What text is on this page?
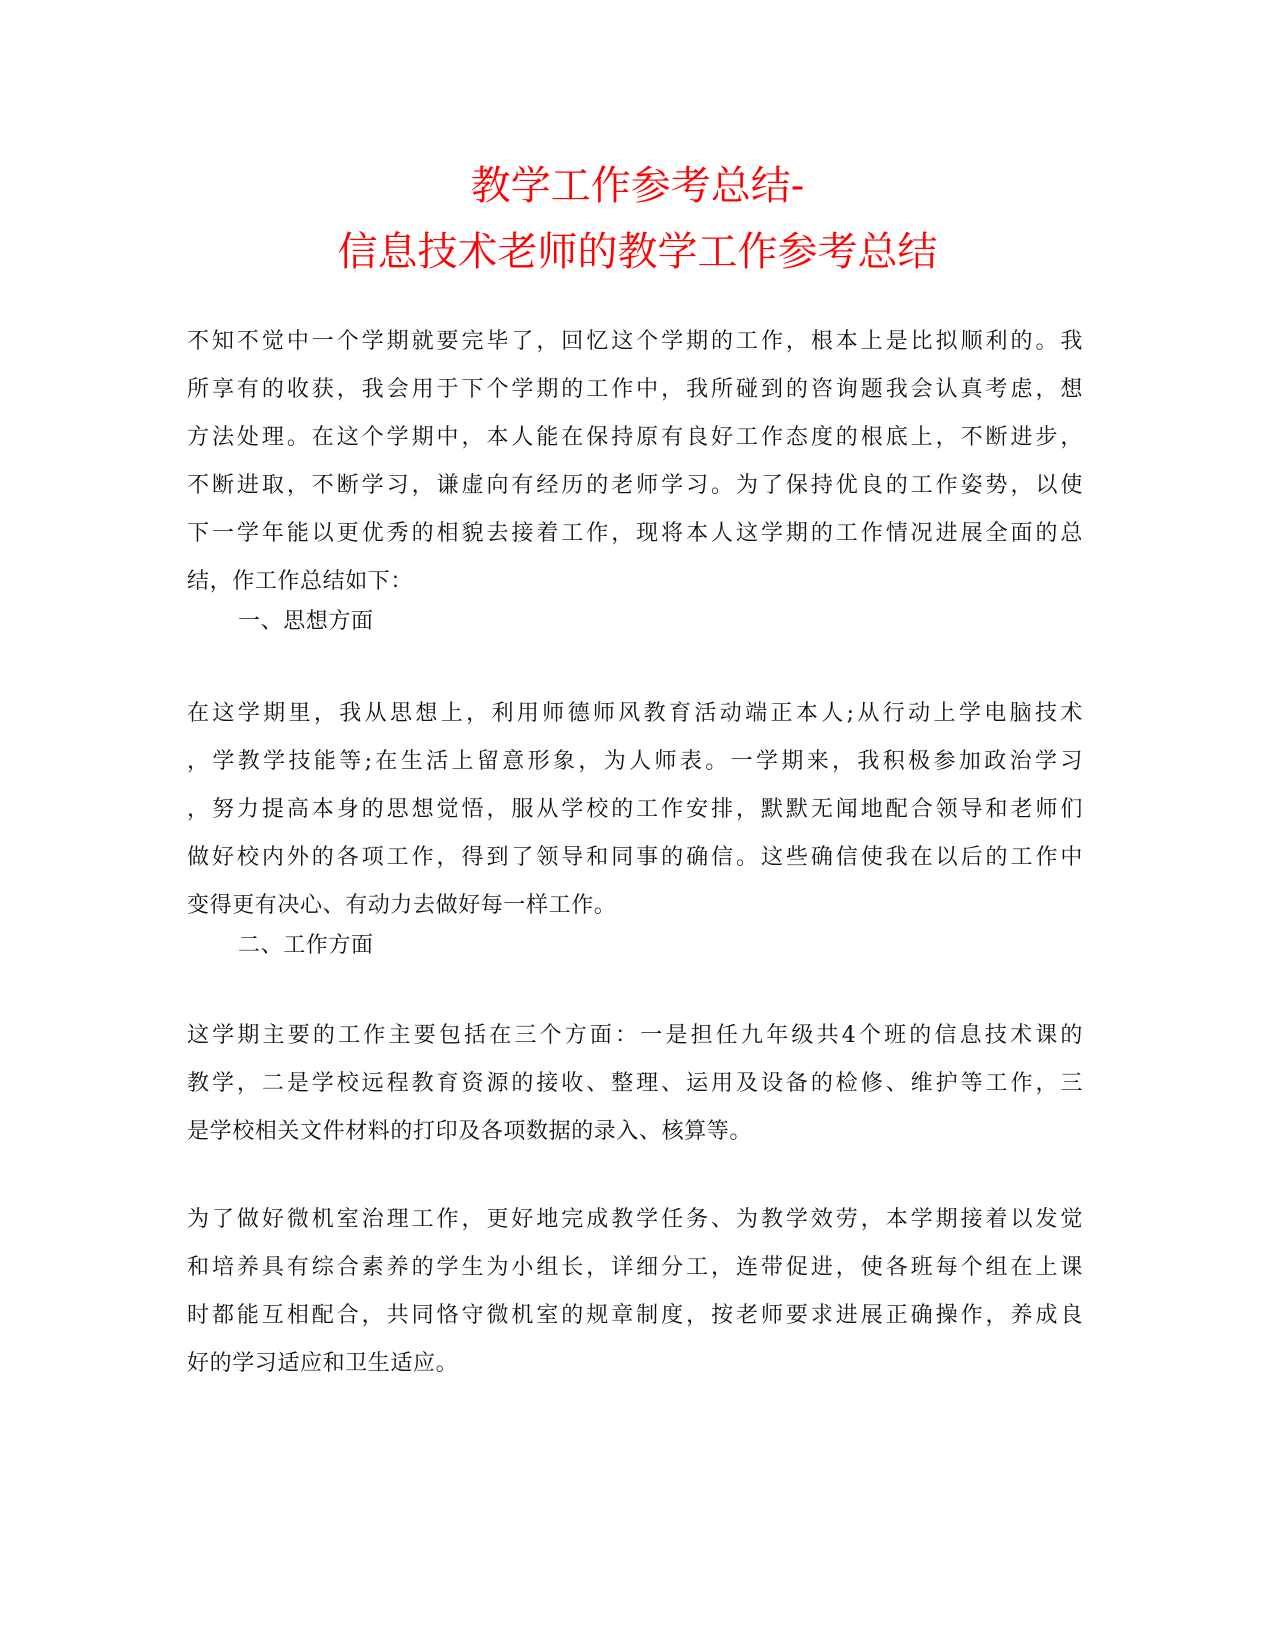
教学工作参考总结-
信息技术老师的教学工作参考总结
不知不觉中一个学期就要完毕了，回忆这个学期的工作，根本上是比拟顺利的。我
所享有的收获，我会用于下个学期的工作中，我所碰到的咨询题我会认真考虑，想
方法处理。在这个学期中，本人能在保持原有良好工作态度的根底上，不断进步，
不断进取，不断学习，谦虚向有经历的老师学习。为了保持优良的工作姿势，以使
下一学年能以更优秀的相貌去接着工作，现将本人这学期的工作情况进展全面的总
结，作工作总结如下：
一、思想方面
在这学期里，我从思想上，利用师德师风教育活动端正本人;从行动上学电脑技术
，学教学技能等;在生活上留意形象，为人师表。一学期来，我积极参加政治学习
，努力提高本身的思想觉悟，服从学校的工作安排，默默无闻地配合领导和老师们
做好校内外的各项工作，得到了领导和同事的确信。这些确信使我在以后的工作中
变得更有决心、有动力去做好每一样工作。
二、工作方面
这学期主要的工作主要包括在三个方面：一是担任九年级共4个班的信息技术课的
教学，二是学校远程教育资源的接收、整理、运用及设备的检修、维护等工作，三
是学校相关文件材料的打印及各项数据的录入、核算等。
为了做好微机室治理工作，更好地完成教学任务、为教学效劳，本学期接着以发觉
和培养具有综合素养的学生为小组长，详细分工，连带促进，使各班每个组在上课
时都能互相配合，共同恪守微机室的规章制度，按老师要求进展正确操作，养成良
好的学习适应和卫生适应。
